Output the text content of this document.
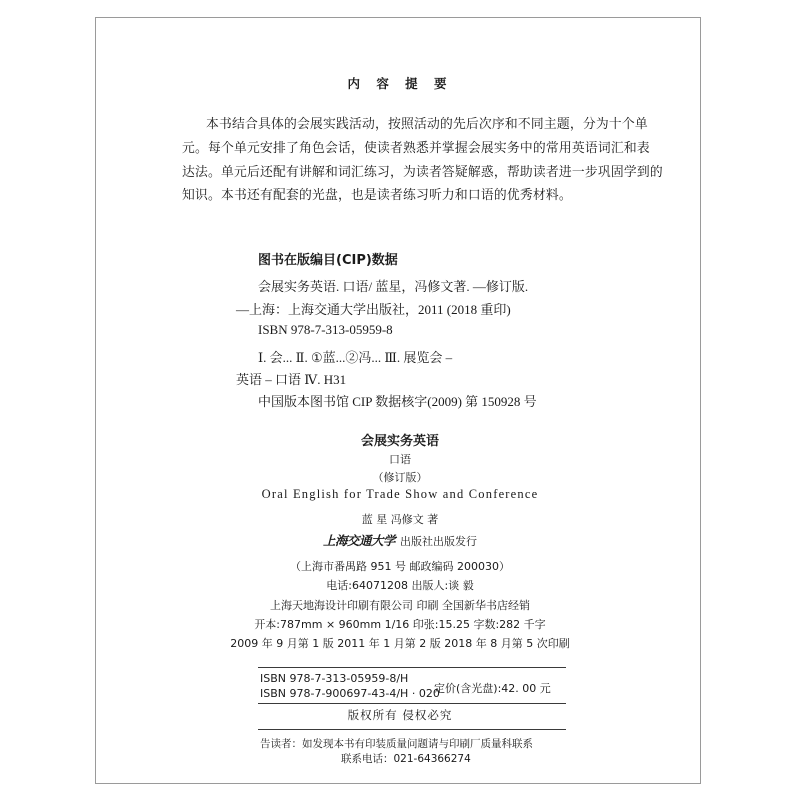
内 容 提 要
本书结合具体的会展实践活动，按照活动的先后次序和不同主题，分为十个单
元。每个单元安排了角色会话，使读者熟悉并掌握会展实务中的常用英语词汇和表
达法。单元后还配有讲解和词汇练习，为读者答疑解惑，帮助读者进一步巩固学到的
知识。本书还有配套的光盘，也是读者练习听力和口语的优秀材料。
图书在版编目(CIP)数据
会展实务英语. 口语/ 蓝星，冯修文著. —修订版.
—上海：上海交通大学出版社，2011 (2018 重印)
ISBN 978-7-313-05959-8
Ⅰ. 会... Ⅱ. ①蓝...②冯... Ⅲ. 展览会 –
英语 – 口语 Ⅳ. H31
中国版本图书馆 CIP 数据核字(2009) 第 150928 号
会展实务英语
口语
（修订版）
Oral English for Trade Show and Conference
蓝 星 冯修文 著
上海交通大学 出版社出版发行
（上海市番禺路 951 号 邮政编码 200030）
电话:64071208 出版人:谈 毅
上海天地海设计印刷有限公司 印刷 全国新华书店经销
开本:787mm × 960mm 1/16 印张:15.25 字数:282 千字
2009 年 9 月第 1 版 2011 年 1 月第 2 版 2018 年 8 月第 5 次印刷
ISBN 978-7-313-05959-8/H
ISBN 978-7-900697-43-4/H · 020
定价(含光盘):42. 00 元
版权所有 侵权必究
告读者：如发现本书有印装质量问题请与印刷厂质量科联系
联系电话：021-64366274
